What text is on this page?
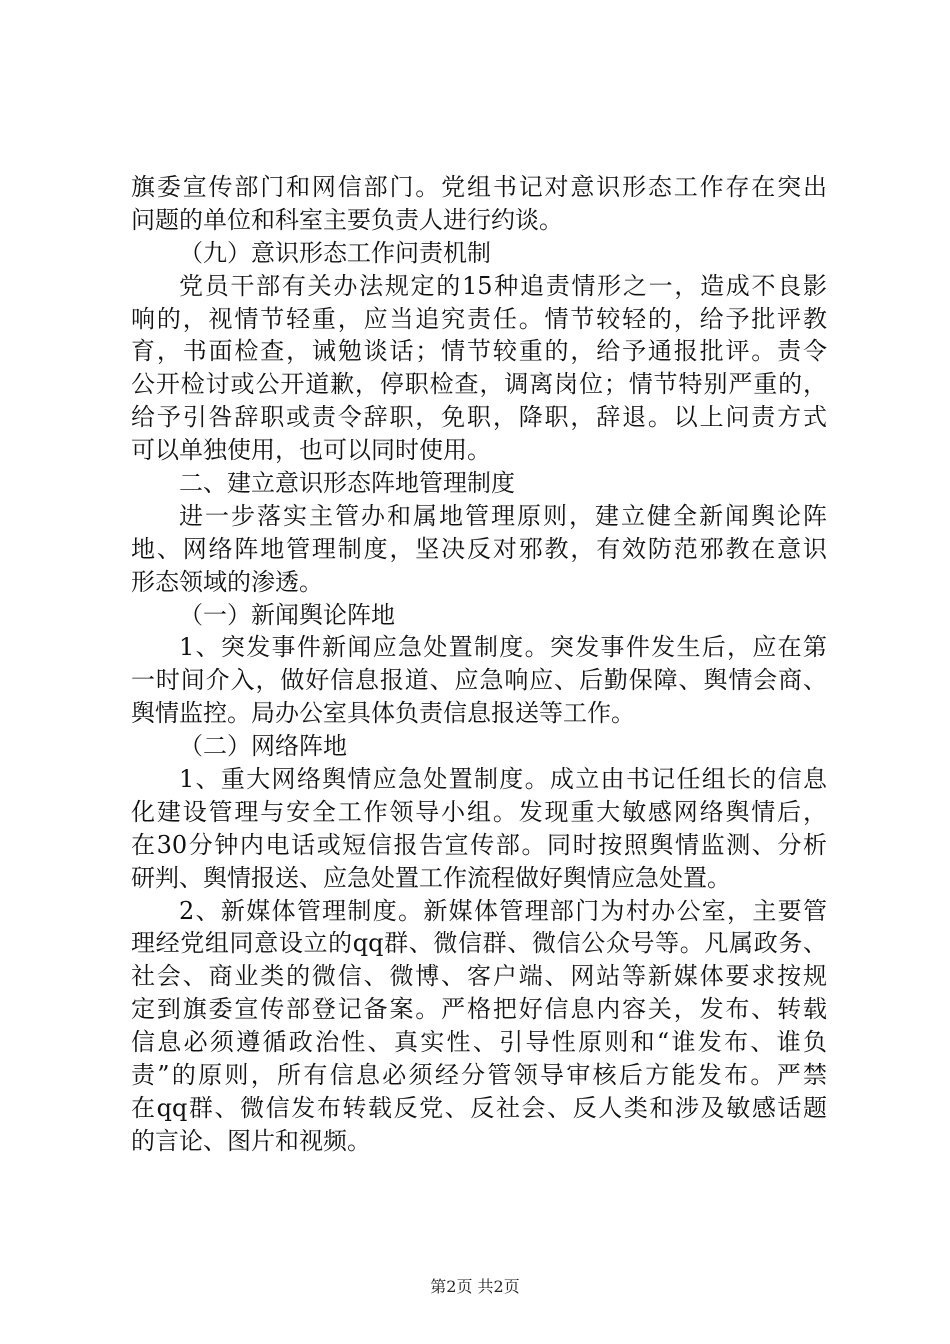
旗委宣传部门和网信部门。党组书记对意识形态工作存在突出
问题的单位和科室主要负责人进行约谈。
（九）意识形态工作问责机制
党员干部有关办法规定的15种追责情形之一，造成不良影
响的，视情节轻重，应当追究责任。情节较轻的，给予批评教
育，书面检查，诫勉谈话；情节较重的，给予通报批评。责令
公开检讨或公开道歉，停职检查，调离岗位；情节特别严重的，
给予引咎辞职或责令辞职，免职，降职，辞退。以上问责方式
可以单独使用，也可以同时使用。
二、建立意识形态阵地管理制度
进一步落实主管办和属地管理原则，建立健全新闻舆论阵
地、网络阵地管理制度，坚决反对邪教，有效防范邪教在意识
形态领域的渗透。
（一）新闻舆论阵地
1、突发事件新闻应急处置制度。突发事件发生后，应在第
一时间介入，做好信息报道、应急响应、后勤保障、舆情会商、
舆情监控。局办公室具体负责信息报送等工作。
（二）网络阵地
1、重大网络舆情应急处置制度。成立由书记任组长的信息
化建设管理与安全工作领导小组。发现重大敏感网络舆情后，
在30分钟内电话或短信报告宣传部。同时按照舆情监测、分析
研判、舆情报送、应急处置工作流程做好舆情应急处置。
2、新媒体管理制度。新媒体管理部门为村办公室，主要管
理经党组同意设立的qq群、微信群、微信公众号等。凡属政务、
社会、商业类的微信、微博、客户端、网站等新媒体要求按规
定到旗委宣传部登记备案。严格把好信息内容关，发布、转载
信息必须遵循政治性、真实性、引导性原则和“谁发布、谁负
责”的原则，所有信息必须经分管领导审核后方能发布。严禁
在qq群、微信发布转载反党、反社会、反人类和涉及敏感话题
的言论、图片和视频。
第2页 共2页
